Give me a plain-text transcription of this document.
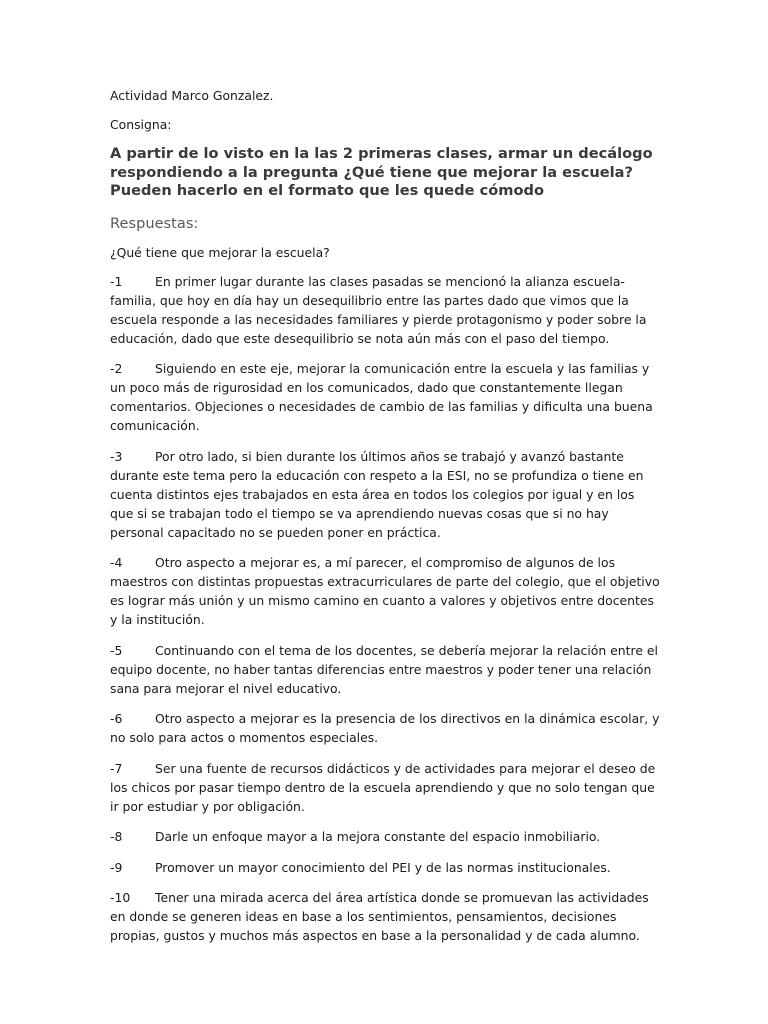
Actividad Marco Gonzalez.

Consigna:

A partir de lo visto en la las 2 primeras clases, armar un decálogo respondiendo a la pregunta ¿Qué tiene que mejorar la escuela? Pueden hacerlo en el formato que les quede cómodo

Respuestas:

¿Qué tiene que mejorar la escuela?

-1	En primer lugar durante las clases pasadas se mencionó la alianza escuela-familia, que hoy en día hay un desequilibrio entre las partes dado que vimos que la escuela responde a las necesidades familiares y pierde protagonismo y poder sobre la educación, dado que este desequilibrio se nota aún más con el paso del tiempo.

-2	Siguiendo en este eje, mejorar la comunicación entre la escuela y las familias y un poco más de rigurosidad en los comunicados, dado que constantemente llegan comentarios. Objeciones o necesidades de cambio de las familias y dificulta una buena comunicación.

-3	Por otro lado, si bien durante los últimos años se trabajó y avanzó bastante durante este tema pero la educación con respeto a la ESI, no se profundiza o tiene en cuenta distintos ejes trabajados en esta área en todos los colegios por igual y en los que si se trabajan todo el tiempo se va aprendiendo nuevas cosas que si no hay personal capacitado no se pueden poner en práctica.

-4	Otro aspecto a mejorar es, a mí parecer, el compromiso de algunos de los maestros con distintas propuestas extracurriculares de parte del colegio, que el objetivo es lograr más unión y un mismo camino en cuanto a valores y objetivos entre docentes y la institución.

-5	Continuando con el tema de los docentes, se debería mejorar la relación entre el equipo docente, no haber tantas diferencias entre maestros y poder tener una relación sana para mejorar el nivel educativo.

-6	Otro aspecto a mejorar es la presencia de los directivos en la dinámica escolar, y no solo para actos o momentos especiales.

-7	Ser una fuente de recursos didácticos y de actividades para mejorar el deseo de los chicos por pasar tiempo dentro de la escuela aprendiendo y que no solo tengan que ir por estudiar y por obligación.

-8	Darle un enfoque mayor a la mejora constante del espacio inmobiliario.

-9	Promover un mayor conocimiento del PEI y de las normas institucionales.

-10 Tener una mirada acerca del área artística donde se promuevan las actividades en donde se generen ideas en base a los sentimientos, pensamientos, decisiones propias, gustos y muchos más aspectos en base a la personalidad y de cada alumno.
